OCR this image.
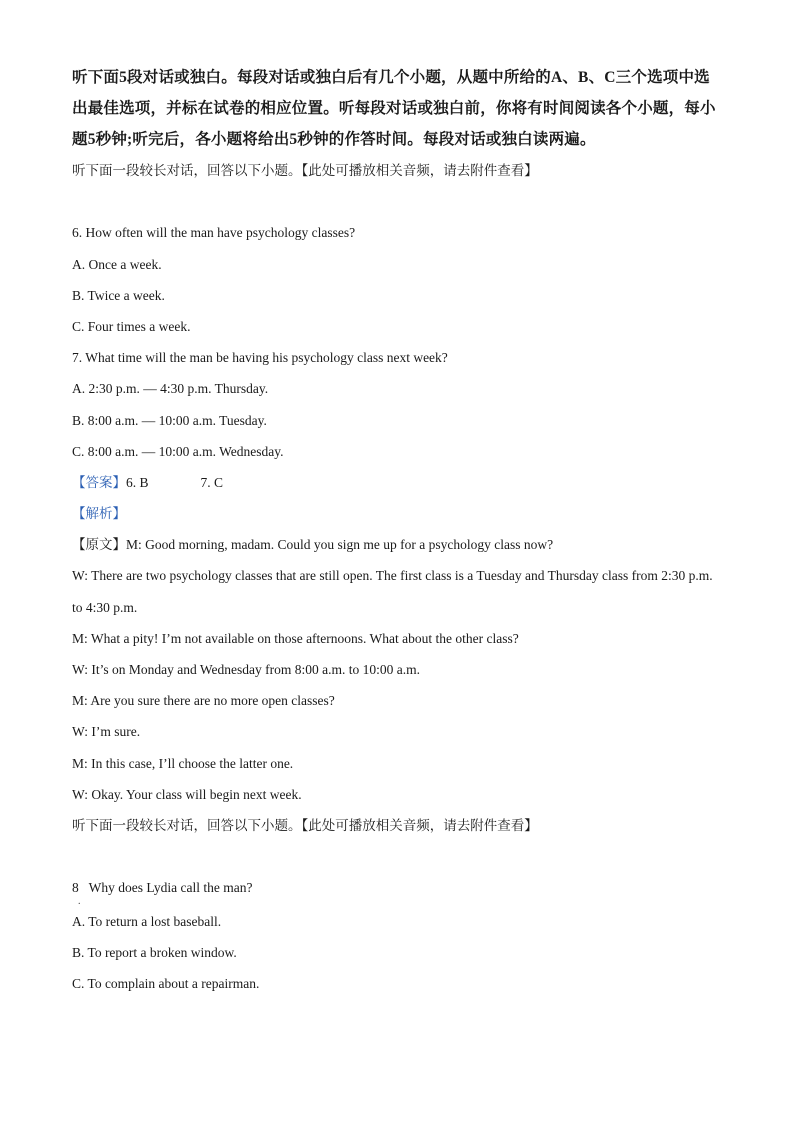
听下面5段对话或独白。每段对话或独白后有几个小题，从题中所给的A、B、C三个选项中选出最佳选项，并标在试卷的相应位置。听每段对话或独白前，你将有时间阅读各个小题，每小题5秒钟;听完后，各小题将给出5秒钟的作答时间。每段对话或独白读两遍。

听下面一段较长对话，回答以下小题。【此处可播放相关音频，请去附件查看】

6. How often will the man have psychology classes?

A. Once a week.

B. Twice a week.

C. Four times a week.

7. What time will the man be having his psychology class next week?

A. 2:30 p.m. — 4:30 p.m. Thursday.

B. 8:00 a.m. — 10:00 a.m. Tuesday.

C. 8:00 a.m. — 10:00 a.m. Wednesday.

【答案】6. B	7. C

【解析】

【原文】M: Good morning, madam. Could you sign me up for a psychology class now?

W: There are two psychology classes that are still open. The first class is a Tuesday and Thursday class from 2:30 p.m. to 4:30 p.m.

M: What a pity! I’m not available on those afternoons. What about the other class?

W: It’s on Monday and Wednesday from 8:00 a.m. to 10:00 a.m.

M: Are you sure there are no more open classes?

W: I’m sure.

M: In this case, I’ll choose the latter one.

W: Okay. Your class will begin next week.

听下面一段较长对话，回答以下小题。【此处可播放相关音频，请去附件查看】

8   Why does Lydia call the man?

.

A. To return a lost baseball.

B. To report a broken window.

C. To complain about a repairman.
